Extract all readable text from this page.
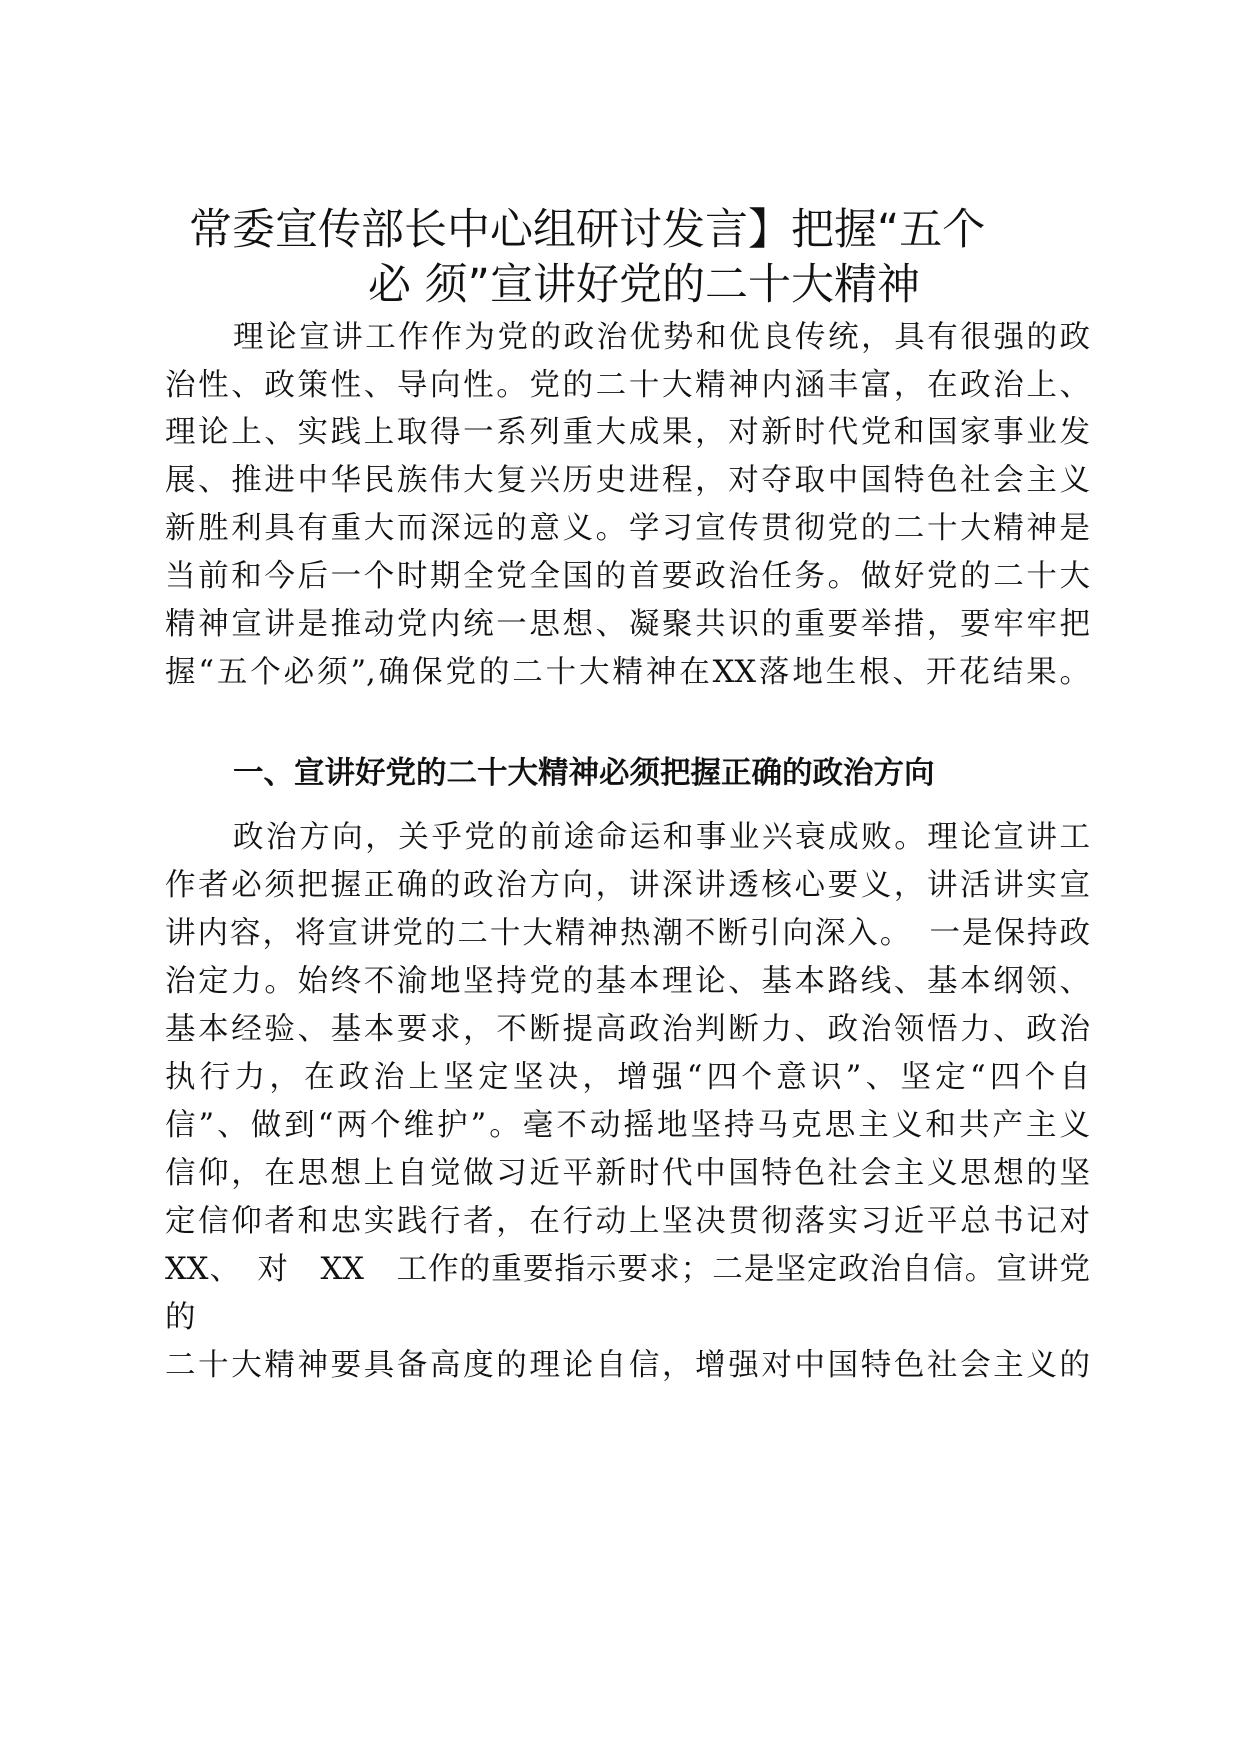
常委宣传部长中心组研讨发言】把握“五个
必 须”宣讲好党的二十大精神
理论宣讲工作作为党的政治优势和优良传统，具有很强的政
治性、政策性、导向性。党的二十大精神内涵丰富，在政治上、
理论上、实践上取得一系列重大成果，对新时代党和国家事业发
展、推进中华民族伟大复兴历史进程，对夺取中国特色社会主义
新胜利具有重大而深远的意义。学习宣传贯彻党的二十大精神是
当前和今后一个时期全党全国的首要政治任务。做好党的二十大
精神宣讲是推动党内统一思想、凝聚共识的重要举措，要牢牢把
握“五个必须”,确保党的二十大精神在XX落地生根、开花结果。
一、宣讲好党的二十大精神必须把握正确的政治方向
政治方向，关乎党的前途命运和事业兴衰成败。理论宣讲工
作者必须把握正确的政治方向，讲深讲透核心要义，讲活讲实宣
讲内容，将宣讲党的二十大精神热潮不断引向深入。　一是保持政
治定力。始终不渝地坚持党的基本理论、基本路线、基本纲领、
基本经验、基本要求，不断提高政治判断力、政治领悟力、政治
执行力，在政治上坚定坚决，增强“四个意识”、坚定“四个自
信”、做到“两个维护”。毫不动摇地坚持马克思主义和共产主义
信仰，在思想上自觉做习近平新时代中国特色社会主义思想的坚
定信仰者和忠实践行者，在行动上坚决贯彻落实习近平总书记对
XX、　对　XX　工作的重要指示要求；二是坚定政治自信。宣讲党
的
二十大精神要具备高度的理论自信，增强对中国特色社会主义的
